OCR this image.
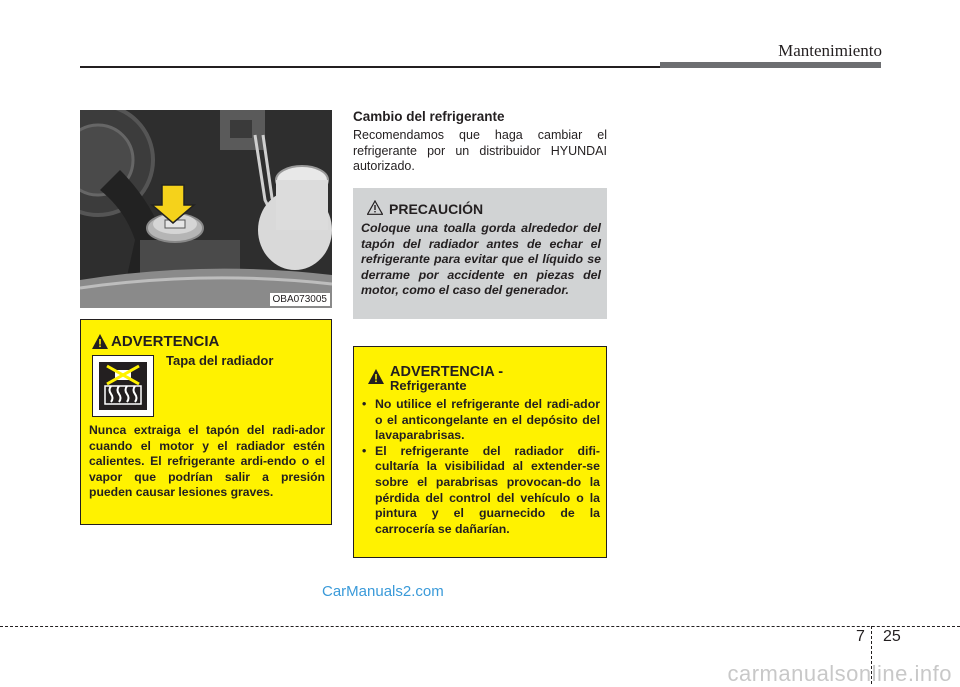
Mantenimiento
OBA073005
ADVERTENCIA
Tapa del radiador
Nunca extraiga el tapón del radi-ador cuando el motor y el radiador estén calientes. El refrigerante ardi-endo o el vapor que podrían salir a presión pueden causar lesiones graves.
Cambio del refrigerante
Recomendamos que haga cambiar el refrigerante por un distribuidor HYUNDAI autorizado.
PRECAUCIÓN
Coloque una toalla gorda alrededor del tapón del radiador antes de echar el refrigerante para evitar que el líquido se derrame por accidente en piezas del motor, como el caso del generador.
ADVERTENCIA -
Refrigerante
• No utilice el refrigerante del radi-ador o el anticongelante en el depósito del lavaparabrisas.
• El refrigerante del radiador difi-cultaría la visibilidad al extender-se sobre el parabrisas provocan-do la pérdida del control del vehículo o la pintura y el guarnecido de la carrocería se dañarían.
CarManuals2.com
carmanualsonline.info
7 25
